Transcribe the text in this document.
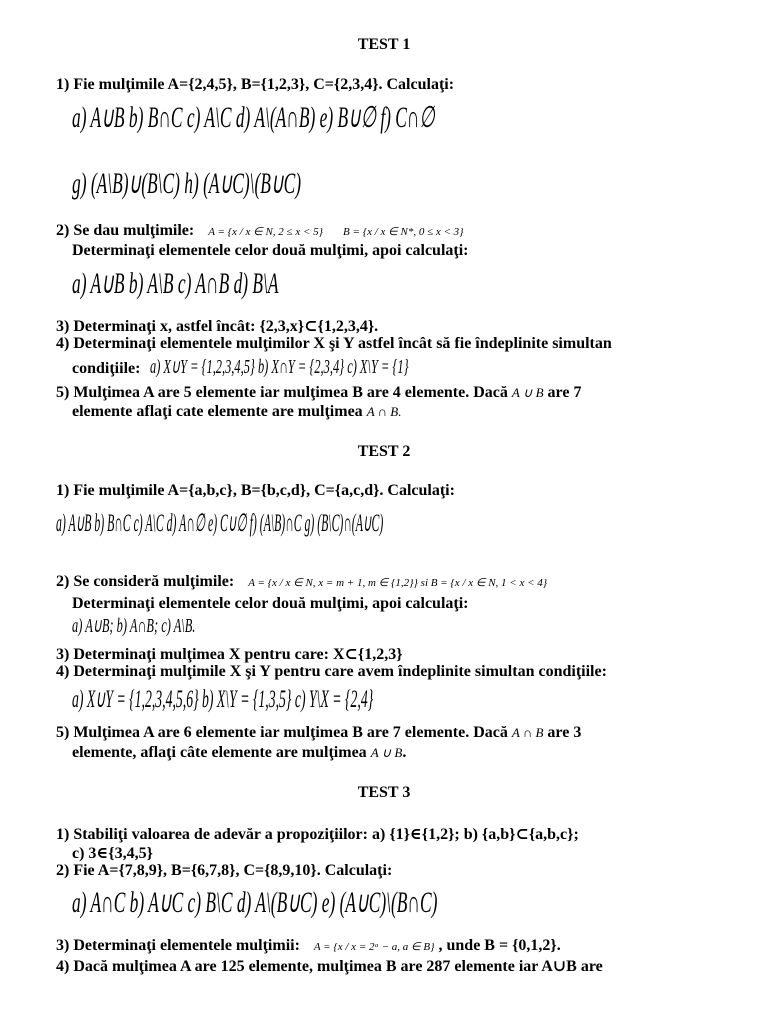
TEST 1
1) Fie mulţimile A={2,4,5}, B={1,2,3}, C={2,3,4}. Calculaţi:
a) A∪B b) B∩C c) A\C d) A\(A∩B) e) B∪∅ f) C∩∅
g) (A\B)∪(B\C) h) (A∪C)\(B∪C)
2) Se dau mulţimile: A = {x / x ∈ N, 2 ≤ x < 5} B = {x / x ∈ N*, 0 ≤ x < 3}
Determinaţi elementele celor două mulţimi, apoi calculaţi:
a) A∪B b) A\B c) A∩B d) B\A
3) Determinaţi x, astfel încât: {2,3,x}⊂{1,2,3,4}.
4) Determinaţi elementele mulţimilor X şi Y astfel încât să fie îndeplinite simultan
condiţiile: a) X∪Y = {1,2,3,4,5} b) X∩Y = {2,3,4} c) X\Y = {1}
5) Mulţimea A are 5 elemente iar mulţimea B are 4 elemente. Dacă A ∪ B are 7
elemente aflaţi cate elemente are mulţimea A ∩ B.
TEST 2
1) Fie mulţimile A={a,b,c}, B={b,c,d}, C={a,c,d}. Calculaţi:
a) A∪B b) B∩C c) A\C d) A∩∅ e) C∪∅ f) (A\B)∩C g) (B\C)∩(A∪C)
2) Se consideră mulţimile: A = {x / x ∈ N, x = m + 1, m ∈ {1,2}} si B = {x / x ∈ N, 1 < x < 4}
Determinaţi elementele celor două mulţimi, apoi calculaţi:
a) A∪B; b) A∩B; c) A\B.
3) Determinaţi mulţimea X pentru care: X⊂{1,2,3}
4) Determinaţi mulţimile X şi Y pentru care avem îndeplinite simultan condiţiile:
a) X∪Y = {1,2,3,4,5,6} b) X\Y = {1,3,5} c) Y\X = {2,4}
5) Mulţimea A are 6 elemente iar mulţimea B are 7 elemente. Dacă A ∩ B are 3
elemente, aflaţi câte elemente are mulţimea A ∪ B.
TEST 3
1) Stabiliţi valoarea de adevăr a propoziţiilor: a) {1}∈{1,2}; b) {a,b}⊂{a,b,c};
c) 3∈{3,4,5}
2) Fie A={7,8,9}, B={6,7,8}, C={8,9,10}. Calculaţi:
a) A∩C b) A∪C c) B\C d) A\(B∪C) e) (A∪C)\(B∩C)
3) Determinaţi elementele mulţimii: A = {x / x = 2ᵃ − a, a ∈ B} , unde B = {0,1,2}.
4) Dacă mulţimea A are 125 elemente, mulţimea B are 287 elemente iar A∪B are
